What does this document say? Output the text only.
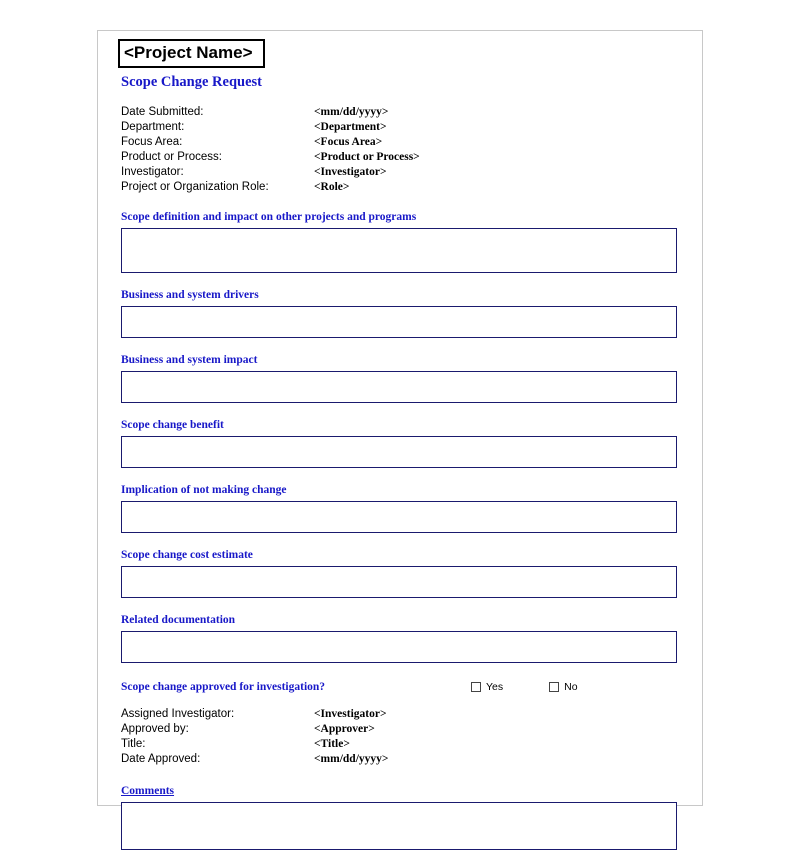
<Project Name>
Scope Change Request
Date Submitted:	<mm/dd/yyyy>
Department:	<Department>
Focus Area:	<Focus Area>
Product or Process:	<Product or Process>
Investigator:	<Investigator>
Project or Organization Role:	<Role>
Scope definition and impact on other projects and programs
Business and system drivers
Business and system impact
Scope change benefit
Implication of not making change
Scope change cost estimate
Related documentation
Scope change approved for investigation?	Yes	No
Assigned Investigator:	<Investigator>
Approved by:	<Approver>
Title:	<Title>
Date Approved:	<mm/dd/yyyy>
Comments
